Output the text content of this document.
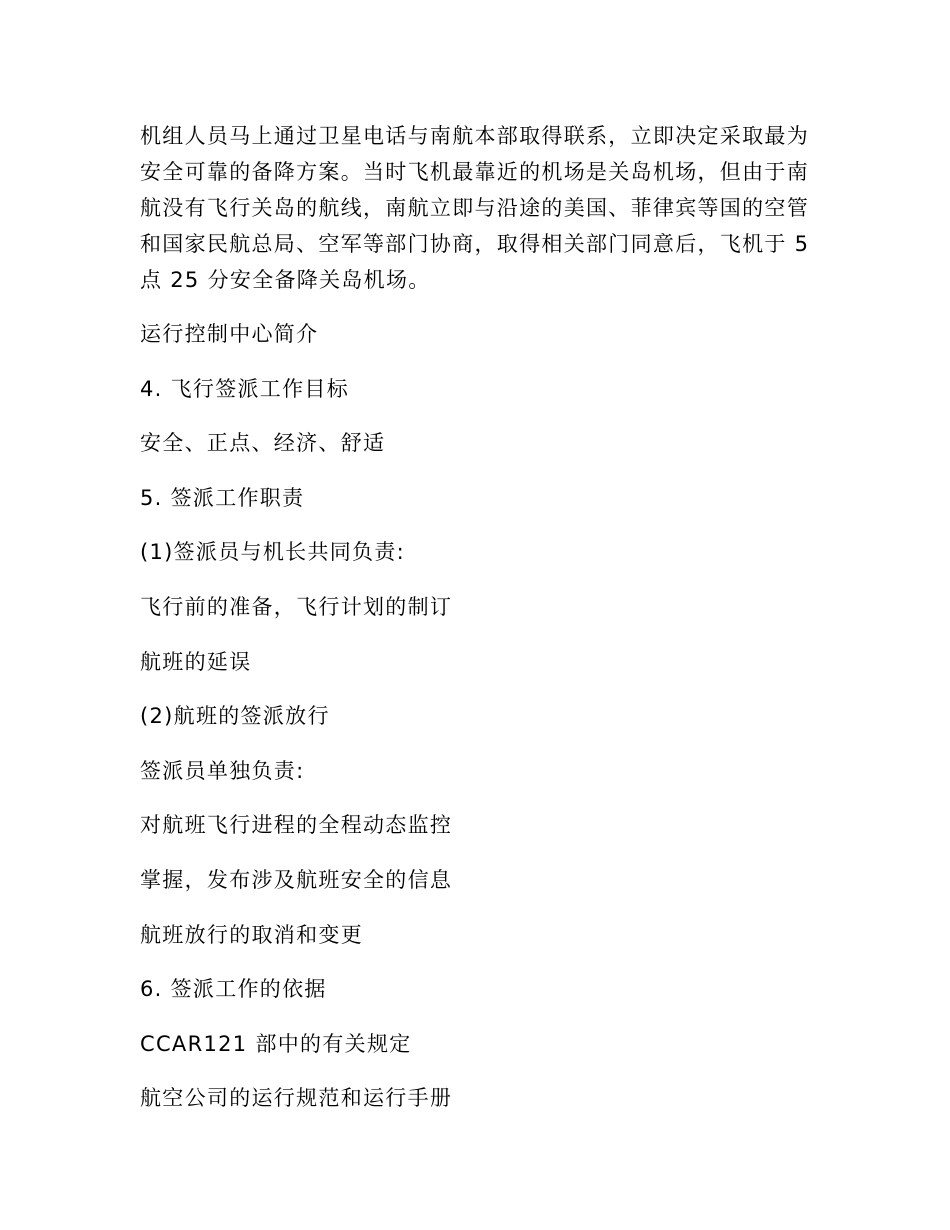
机组人员马上通过卫星电话与南航本部取得联系，立即决定采取最为安全可靠的备降方案。当时飞机最靠近的机场是关岛机场，但由于南航没有飞行关岛的航线，南航立即与沿途的美国、菲律宾等国的空管和国家民航总局、空军等部门协商，取得相关部门同意后，飞机于 5 点 25 分安全备降关岛机场。

运行控制中心简介

4. 飞行签派工作目标

安全、正点、经济、舒适

5. 签派工作职责

(1)签派员与机长共同负责:

飞行前的准备，飞行计划的制订

航班的延误

(2)航班的签派放行

签派员单独负责:

对航班飞行进程的全程动态监控

掌握，发布涉及航班安全的信息

航班放行的取消和变更

6. 签派工作的依据

CCAR121 部中的有关规定

航空公司的运行规范和运行手册
